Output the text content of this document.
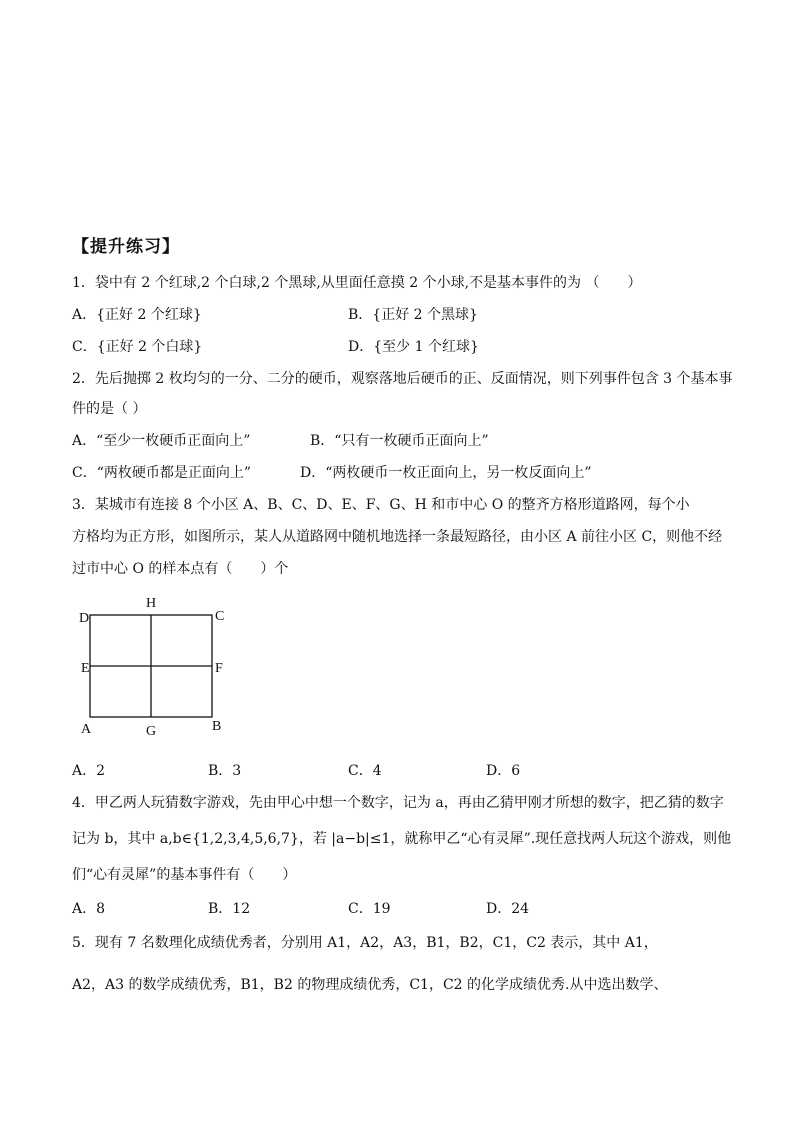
【提升练习】
1．袋中有 2 个红球,2 个白球,2 个黑球,从里面任意摸 2 个小球,不是基本事件的为 （　　）
A．{正好 2 个红球}	B．{正好 2 个黑球}
C．{正好 2 个白球}	D．{至少 1 个红球}
2．先后抛掷 2 枚均匀的一分、二分的硬币，观察落地后硬币的正、反面情况，则下列事件包含 3 个基本事
件的是（ ）
A．“至少一枚硬币正面向上”	B．“只有一枚硬币正面向上”
C．“两枚硬币都是正面向上”	D．“两枚硬币一枚正面向上，另一枚反面向上”
3．某城市有连接 8 个小区 A、B、C、D、E、F、G、H 和市中心 O 的整齐方格形道路网，每个小
方格均为正方形，如图所示，某人从道路网中随机地选择一条最短路径，由小区 A 前往小区 C，则他不经
过市中心 O 的样本点有（　　）个
D
H
C
E	F
A	G	B
A．2	B．3	C．4	D．6
4．甲乙两人玩猜数字游戏，先由甲心中想一个数字，记为 a，再由乙猜甲刚才所想的数字，把乙猜的数字
记为 b，其中 a,b∈{1,2,3,4,5,6,7}，若 |a−b|≤1，就称甲乙“心有灵犀”.现任意找两人玩这个游戏，则他
们“心有灵犀”的基本事件有（　　）
A．8	B．12	C．19	D．24
5．现有 7 名数理化成绩优秀者，分别用 A1，A2，A3，B1，B2，C1，C2 表示，其中 A1，
A2，A3 的数学成绩优秀，B1，B2 的物理成绩优秀，C1，C2 的化学成绩优秀.从中选出数学、
